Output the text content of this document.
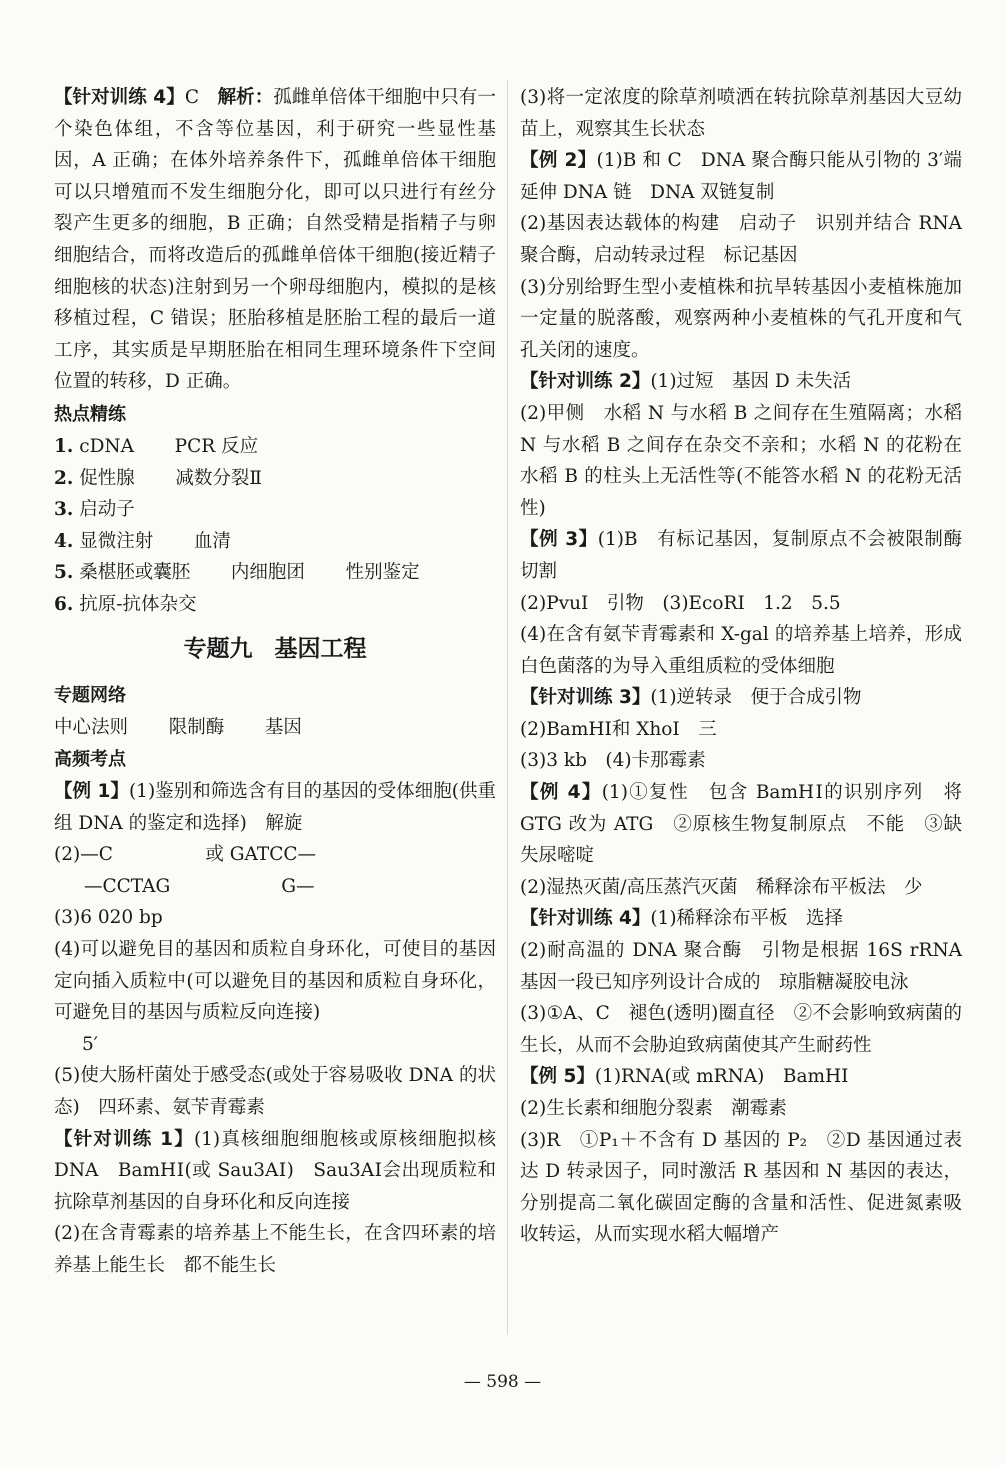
【针对训练 4】C　 解析：孤雌单倍体干细胞中只有一个染色体组，不含等位基因，利于研究一些显性基因，A 正确；在体外培养条件下，孤雌单倍体干细胞可以只增殖而不发生细胞分化，即可以只进行有丝分裂产生更多的细胞，B 正确；自然受精是指精子与卵细胞结合，而将改造后的孤雌单倍体干细胞(接近精子细胞核的状态)注射到另一个卵母细胞内，模拟的是核移植过程，C 错误；胚胎移植是胚胎工程的最后一道工序，其实质是早期胚胎在相同生理环境条件下空间位置的转移，D 正确。

热点精练

1. cDNA PCR 反应

2. 促性腺 减数分裂Ⅱ

3. 启动子

4. 显微注射 血清

5. 桑椹胚或囊胚 内细胞团 性别鉴定

6. 抗原-抗体杂交

专题九 基因工程

专题网络

中心法则 限制酶 基因

高频考点

【例 1】(1)鉴别和筛选含有目的基因的受体细胞(供重组 DNA 的鉴定和选择)　解旋

(2)—C　　　　　或 GATCC—

—CCTAG　　　　　　G—

(3)6 020 bp

(4)可以避免目的基因和质粒自身环化，可使目的基因定向插入质粒中(可以避免目的基因和质粒自身环化，可避免目的基因与质粒反向连接)

5′

(5)使大肠杆菌处于感受态(或处于容易吸收 DNA 的状态)　四环素、氨苄青霉素

【针对训练 1】(1)真核细胞细胞核或原核细胞拟核 DNA　BamHⅠ(或 Sau3AⅠ)　Sau3AⅠ会出现质粒和抗除草剂基因的自身环化和反向连接

(2)在含青霉素的培养基上不能生长，在含四环素的培养基上能生长　都不能生长

(3)将一定浓度的除草剂喷洒在转抗除草剂基因大豆幼苗上，观察其生长状态

【例 2】(1)B 和 C　DNA 聚合酶只能从引物的 3′端延伸 DNA 链　DNA 双链复制

(2)基因表达载体的构建　启动子　识别并结合 RNA 聚合酶，启动转录过程　标记基因

(3)分别给野生型小麦植株和抗旱转基因小麦植株施加一定量的脱落酸，观察两种小麦植株的气孔开度和气孔关闭的速度。

【针对训练 2】(1)过短　基因 D 未失活

(2)甲侧　水稻 N 与水稻 B 之间存在生殖隔离；水稻 N 与水稻 B 之间存在杂交不亲和；水稻 N 的花粉在水稻 B 的柱头上无活性等(不能答水稻 N 的花粉无活性)

【例 3】(1)B　有标记基因，复制原点不会被限制酶切割

(2)PvuⅠ　引物　(3)EcoRⅠ　1.2　5.5

(4)在含有氨苄青霉素和 X-gal 的培养基上培养，形成白色菌落的为导入重组质粒的受体细胞

【针对训练 3】(1)逆转录　便于合成引物

(2)BamHⅠ和 XhoⅠ　三

(3)3 kb　(4)卡那霉素

【例 4】(1)①复性　包含 BamHⅠ的识别序列　将 GTG 改为 ATG　②原核生物复制原点　不能　③缺失尿嘧啶

(2)湿热灭菌/高压蒸汽灭菌　稀释涂布平板法　少

【针对训练 4】(1)稀释涂布平板　选择

(2)耐高温的 DNA 聚合酶　引物是根据 16S rRNA 基因一段已知序列设计合成的　琼脂糖凝胶电泳

(3)①A、C　褪色(透明)圈直径　②不会影响致病菌的生长，从而不会胁迫致病菌使其产生耐药性

【例 5】(1)RNA(或 mRNA)　BamHⅠ

(2)生长素和细胞分裂素　潮霉素

(3)R　①P₁＋不含有 D 基因的 P₂　②D 基因通过表达 D 转录因子，同时激活 R 基因和 N 基因的表达，分别提高二氧化碳固定酶的含量和活性、促进氮素吸收转运，从而实现水稻大幅增产

— 598 —
